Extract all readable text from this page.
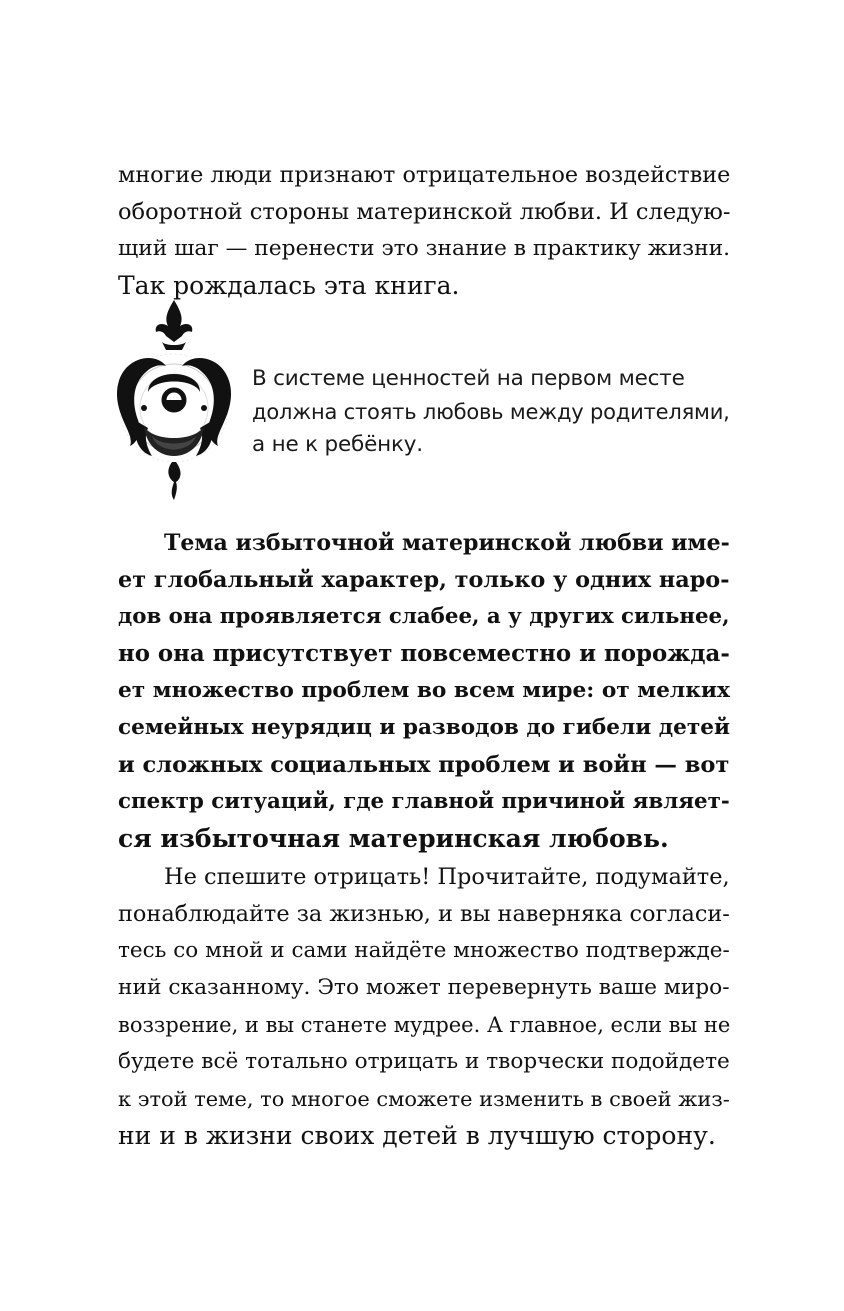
многие люди признают отрицательное воздействие
оборотной стороны материнской любви. И следую-
щий шаг — перенести это знание в практику жизни.
Так рождалась эта книга.
В системе ценностей на первом месте
должна стоять любовь между родителями,
а не к ребёнку.
Тема избыточной материнской любви име-
ет глобальный характер, только у одних наро-
дов она проявляется слабее, а у других сильнее,
но она присутствует повсеместно и порожда-
ет множество проблем во всем мире: от мелких
семейных неурядиц и разводов до гибели детей
и сложных социальных проблем и войн — вот
спектр ситуаций, где главной причиной являет-
ся избыточная материнская любовь.
Не спешите отрицать! Прочитайте, подумайте,
понаблюдайте за жизнью, и вы наверняка согласи-
тесь со мной и сами найдёте множество подтвержде-
ний сказанному. Это может перевернуть ваше миро-
воззрение, и вы станете мудрее. А главное, если вы не
будете всё тотально отрицать и творчески подойдете
к этой теме, то многое сможете изменить в своей жиз-
ни и в жизни своих детей в лучшую сторону.
